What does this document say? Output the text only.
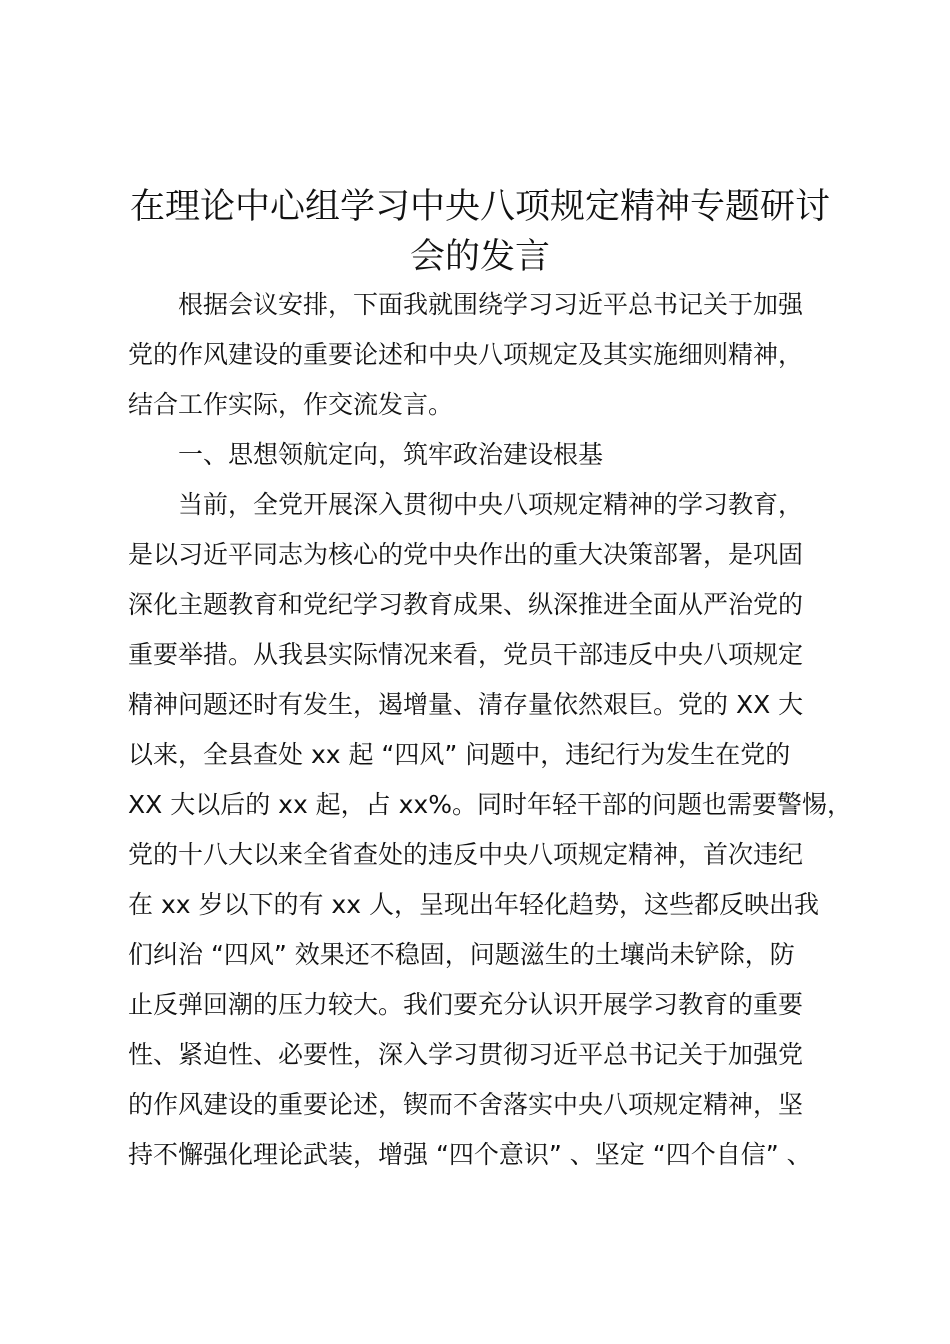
在理论中心组学习中央八项规定精神专题研讨
会的发言
根据会议安排，下面我就围绕学习习近平总书记关于加强
党的作风建设的重要论述和中央八项规定及其实施细则精神，
结合工作实际，作交流发言。
一、思想领航定向，筑牢政治建设根基
当前，全党开展深入贯彻中央八项规定精神的学习教育，
是以习近平同志为核心的党中央作出的重大决策部署，是巩固
深化主题教育和党纪学习教育成果、纵深推进全面从严治党的
重要举措。从我县实际情况来看，党员干部违反中央八项规定
精神问题还时有发生，遏增量、清存量依然艰巨。党的 XX 大
以来，全县查处 xx 起 “四风” 问题中，违纪行为发生在党的
XX 大以后的 xx 起，占 xx%。同时年轻干部的问题也需要警惕，
党的十八大以来全省查处的违反中央八项规定精神，首次违纪
在 xx 岁以下的有 xx 人，呈现出年轻化趋势，这些都反映出我
们纠治 “四风” 效果还不稳固，问题滋生的土壤尚未铲除，防
止反弹回潮的压力较大。我们要充分认识开展学习教育的重要
性、紧迫性、必要性，深入学习贯彻习近平总书记关于加强党
的作风建设的重要论述，锲而不舍落实中央八项规定精神，坚
持不懈强化理论武装，增强 “四个意识” 、坚定 “四个自信” 、
